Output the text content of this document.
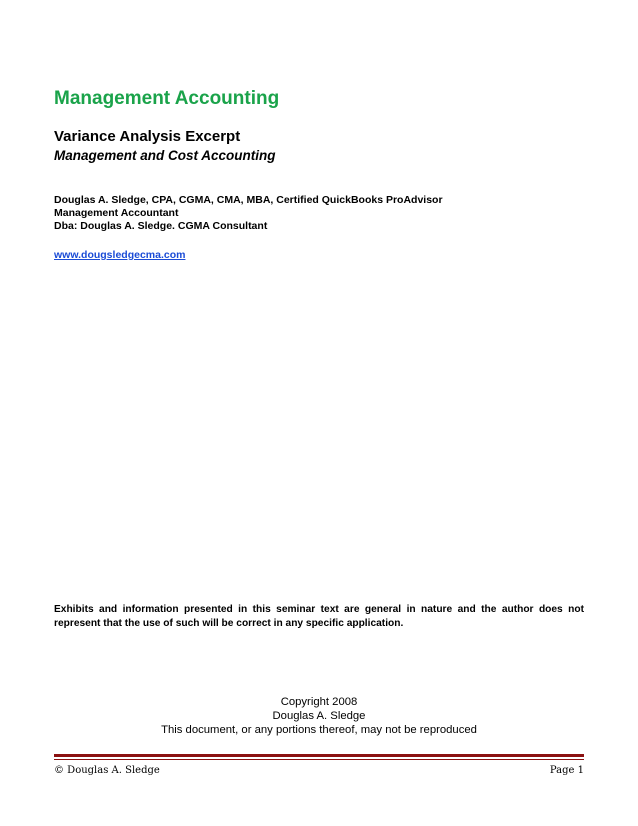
Management Accounting
Variance Analysis Excerpt
Management and Cost Accounting
Douglas A. Sledge, CPA, CGMA, CMA, MBA, Certified QuickBooks ProAdvisor
Management Accountant
Dba: Douglas A. Sledge. CGMA Consultant
www.dougsledgecma.com
Exhibits and information presented in this seminar text are general in nature and the author does not represent that the use of such will be correct in any specific application.
Copyright 2008
Douglas A. Sledge
This document, or any portions thereof, may not be reproduced
© Douglas A. Sledge	Page 1
